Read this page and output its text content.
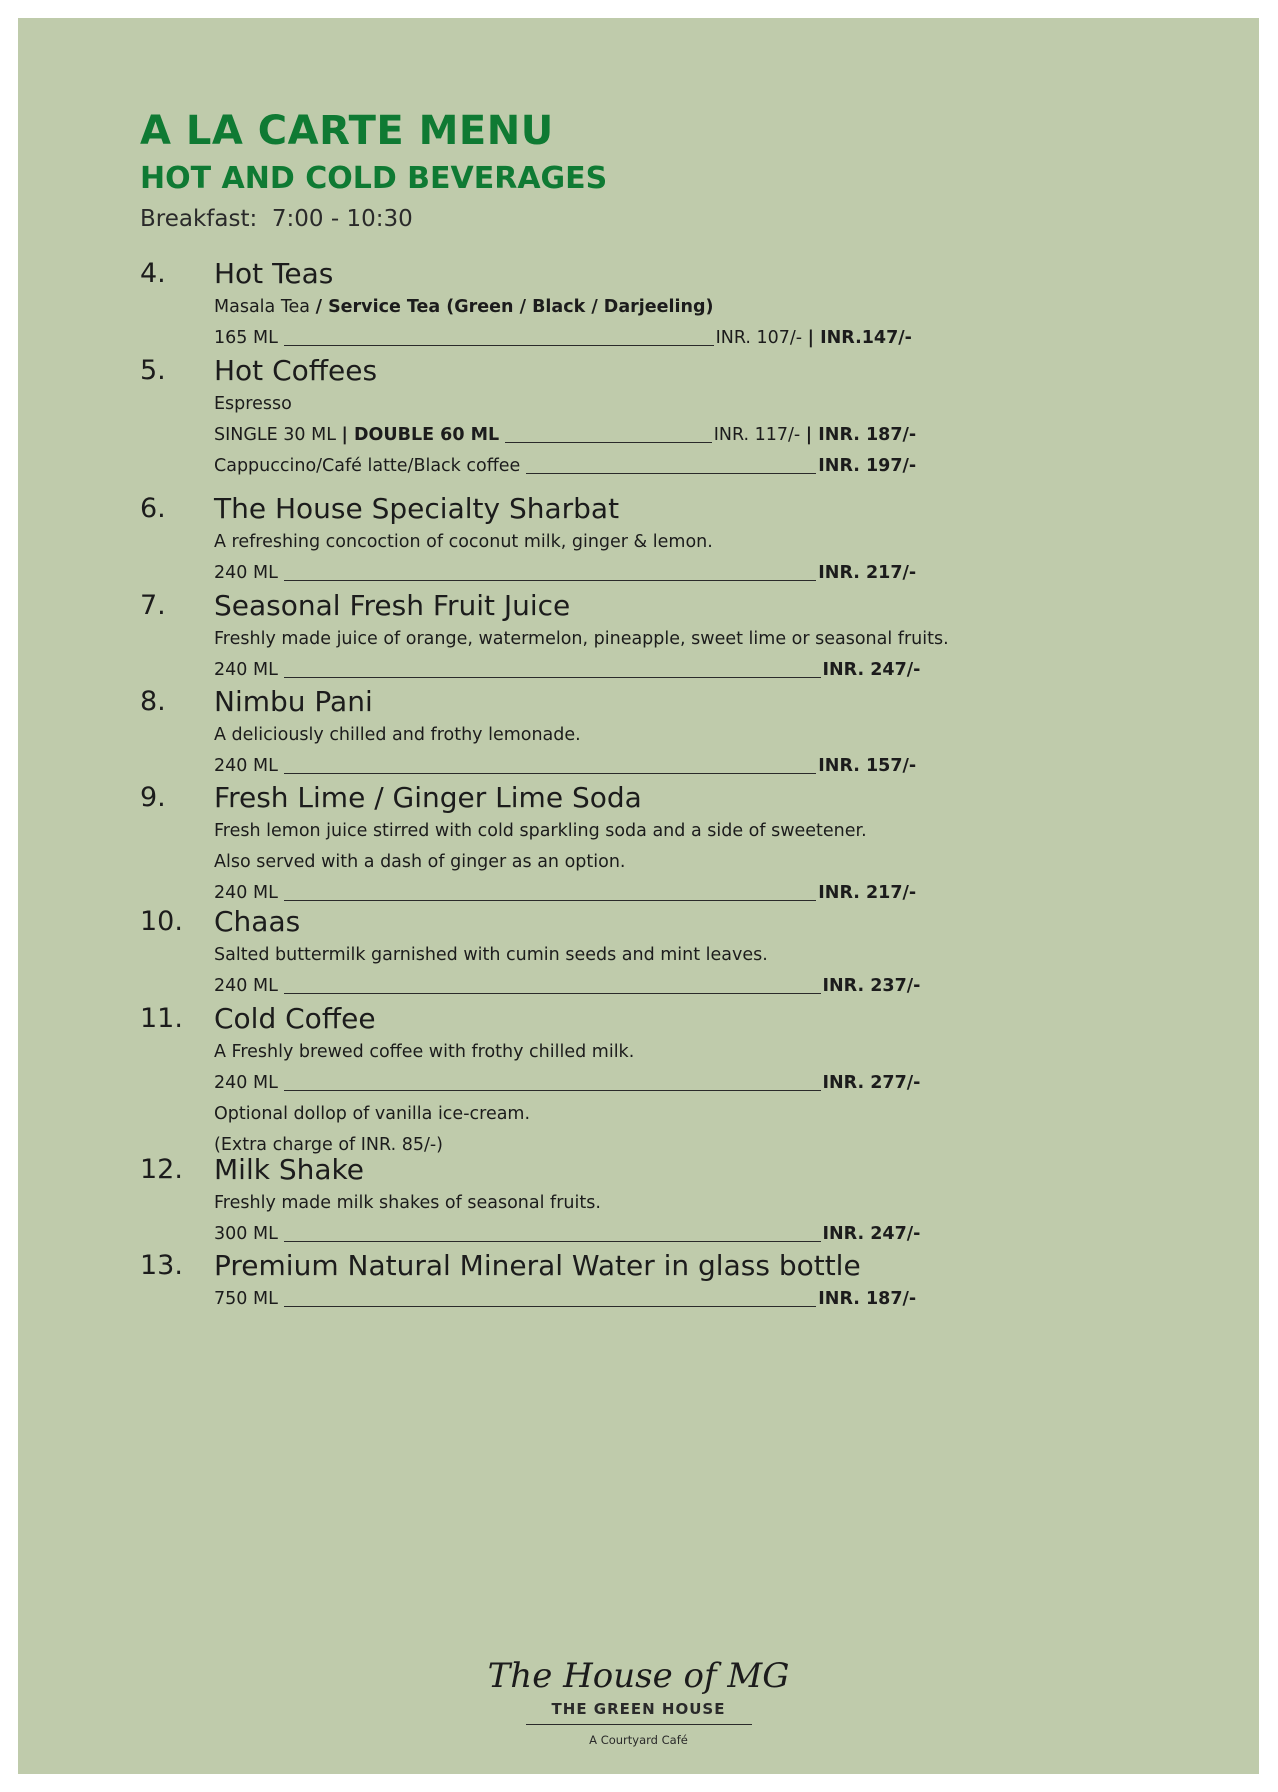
A LA CARTE MENU
HOT AND COLD BEVERAGES
Breakfast: 7:00 - 10:30
4. Hot Teas
Masala Tea / Service Tea (Green / Black / Darjeeling)
165 ML	INR. 107/- | INR.147/-
5. Hot Coffees
Espresso
SINGLE 30 ML | DOUBLE 60 ML	INR. 117/- | INR. 187/-
Cappuccino/Café latte/Black coffee	INR. 197/-
6. The House Specialty Sharbat
A refreshing concoction of coconut milk, ginger & lemon.
240 ML	INR. 217/-
7. Seasonal Fresh Fruit Juice
Freshly made juice of orange, watermelon, pineapple, sweet lime or seasonal fruits.
240 ML	INR. 247/-
8. Nimbu Pani
A deliciously chilled and frothy lemonade.
240 ML	INR. 157/-
9. Fresh Lime / Ginger Lime Soda
Fresh lemon juice stirred with cold sparkling soda and a side of sweetener.
Also served with a dash of ginger as an option.
240 ML	INR. 217/-
10. Chaas
Salted buttermilk garnished with cumin seeds and mint leaves.
240 ML	INR. 237/-
11. Cold Coffee
A Freshly brewed coffee with frothy chilled milk.
240 ML	INR. 277/-
Optional dollop of vanilla ice-cream.
(Extra charge of INR. 85/-)
12. Milk Shake
Freshly made milk shakes of seasonal fruits.
300 ML	INR. 247/-
13. Premium Natural Mineral Water in glass bottle
750 ML	INR. 187/-
The House of MG
THE GREEN HOUSE
A Courtyard Café
